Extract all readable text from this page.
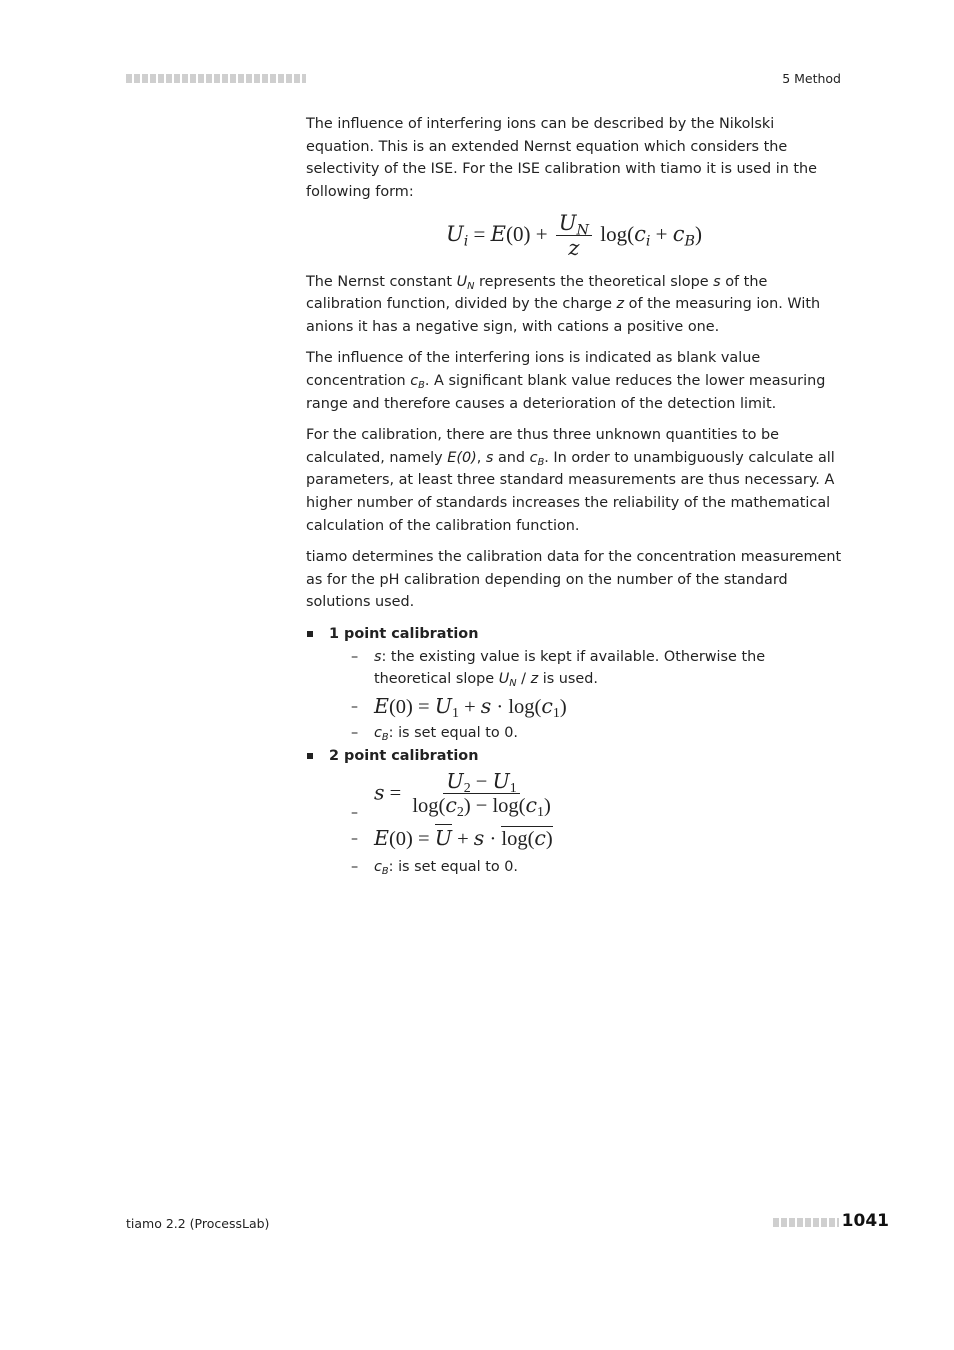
5 Method

The influence of interfering ions can be described by the Nikolski equation. This is an extended Nernst equation which considers the selectivity of the ISE. For the ISE calibration with tiamo it is used in the following form:

$U_i = E(0) + \frac{U_N}{z} \log(c_i + c_B)$

The Nernst constant $U_N$ represents the theoretical slope s of the calibration function, divided by the charge z of the measuring ion. With anions it has a negative sign, with cations a positive one.

The influence of the interfering ions is indicated as blank value concentration $c_B$. A significant blank value reduces the lower measuring range and therefore causes a deterioration of the detection limit.

For the calibration, there are thus three unknown quantities to be calculated, namely E(0), s and $c_B$. In order to unambiguously calculate all parameters, at least three standard measurements are thus necessary. A higher number of standards increases the reliability of the mathematical calculation of the calibration function.

tiamo determines the calibration data for the concentration measurement as for the pH calibration depending on the number of the standard solutions used.

1 point calibration
– s: the existing value is kept if available. Otherwise the theoretical slope $U_N$ / z is used.
– $E(0) = U_1 + s \cdot \log(c_1)$
– $c_B$: is set equal to 0.
2 point calibration
–
$s = \frac{U_2 - U_1}{\log(c_2) - \log(c_1)}$
– E(0) = U + s · log(c)
– $c_B$: is set equal to 0.
tiamo 2.2 (ProcessLab)	1041
